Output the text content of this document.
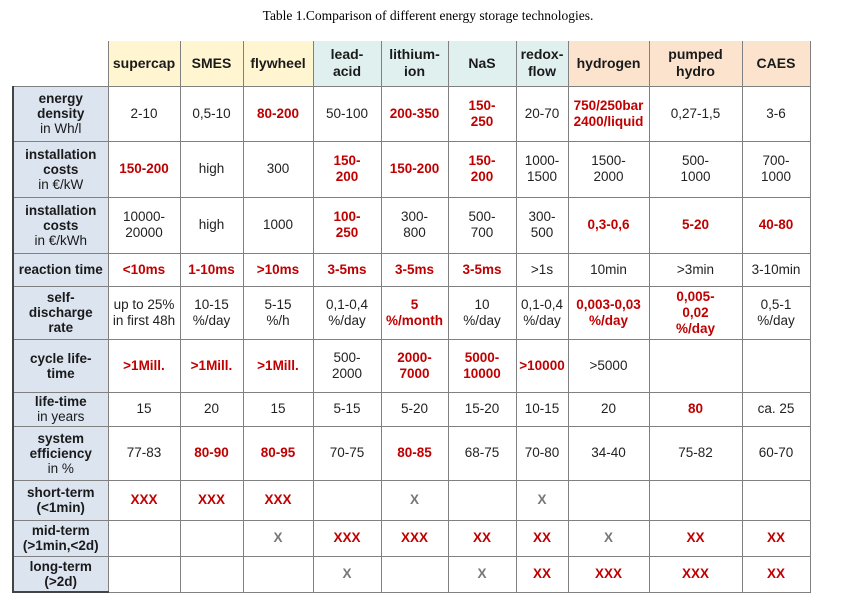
Table 1.Comparison of different energy storage technologies.
	supercap	SMES	flywheel	lead-
acid	lithium-
ion	NaS	redox-flow	hydrogen	pumped
hydro	CAES
energy
density
in Wh/l	2-10	0,5-10	80-200	50-100	200-350	150-
250	20-70	750/250bar
2400/liquid	0,27-1,5	3-6
installation
costs
in €/kW	150-200	high	300	150-
200	150-200	150-
200	1000-
1500	1500-
2000	500-
1000	700-
1000
installation
costs
in €/kWh	10000-
20000	high	1000	100-
250	300-
800	500-
700	300-
500	0,3-0,6	5-20	40-80
reaction time	<10ms	1-10ms	>10ms	3-5ms	3-5ms	3-5ms	>1s	10min	>3min	3-10min
self-
discharge
rate	up to 25%
in first 48h	10-15
%/day	5-15
%/h	0,1-0,4
%/day	5
%/month	10
%/day	0,1-0,4
%/day	0,003-0,03
%/day	0,005-
0,02
%/day	0,5-1
%/day
cycle life-
time	>1Mill.	>1Mill.	>1Mill.	500-
2000	2000-
7000	5000-
10000	>10000	>5000		
life-time
in years	15	20	15	5-15	5-20	15-20	10-15	20	80	ca. 25
system
efficiency
in %	77-83	80-90	80-95	70-75	80-85	68-75	70-80	34-40	75-82	60-70
short-term
(<1min)	XXX	XXX	XXX		X		X			
mid-term
(>1min,<2d)			X	XXX	XXX	XX	XX	X	XX	XX
long-term
(>2d)				X		X	XX	XXX	XXX	XX
